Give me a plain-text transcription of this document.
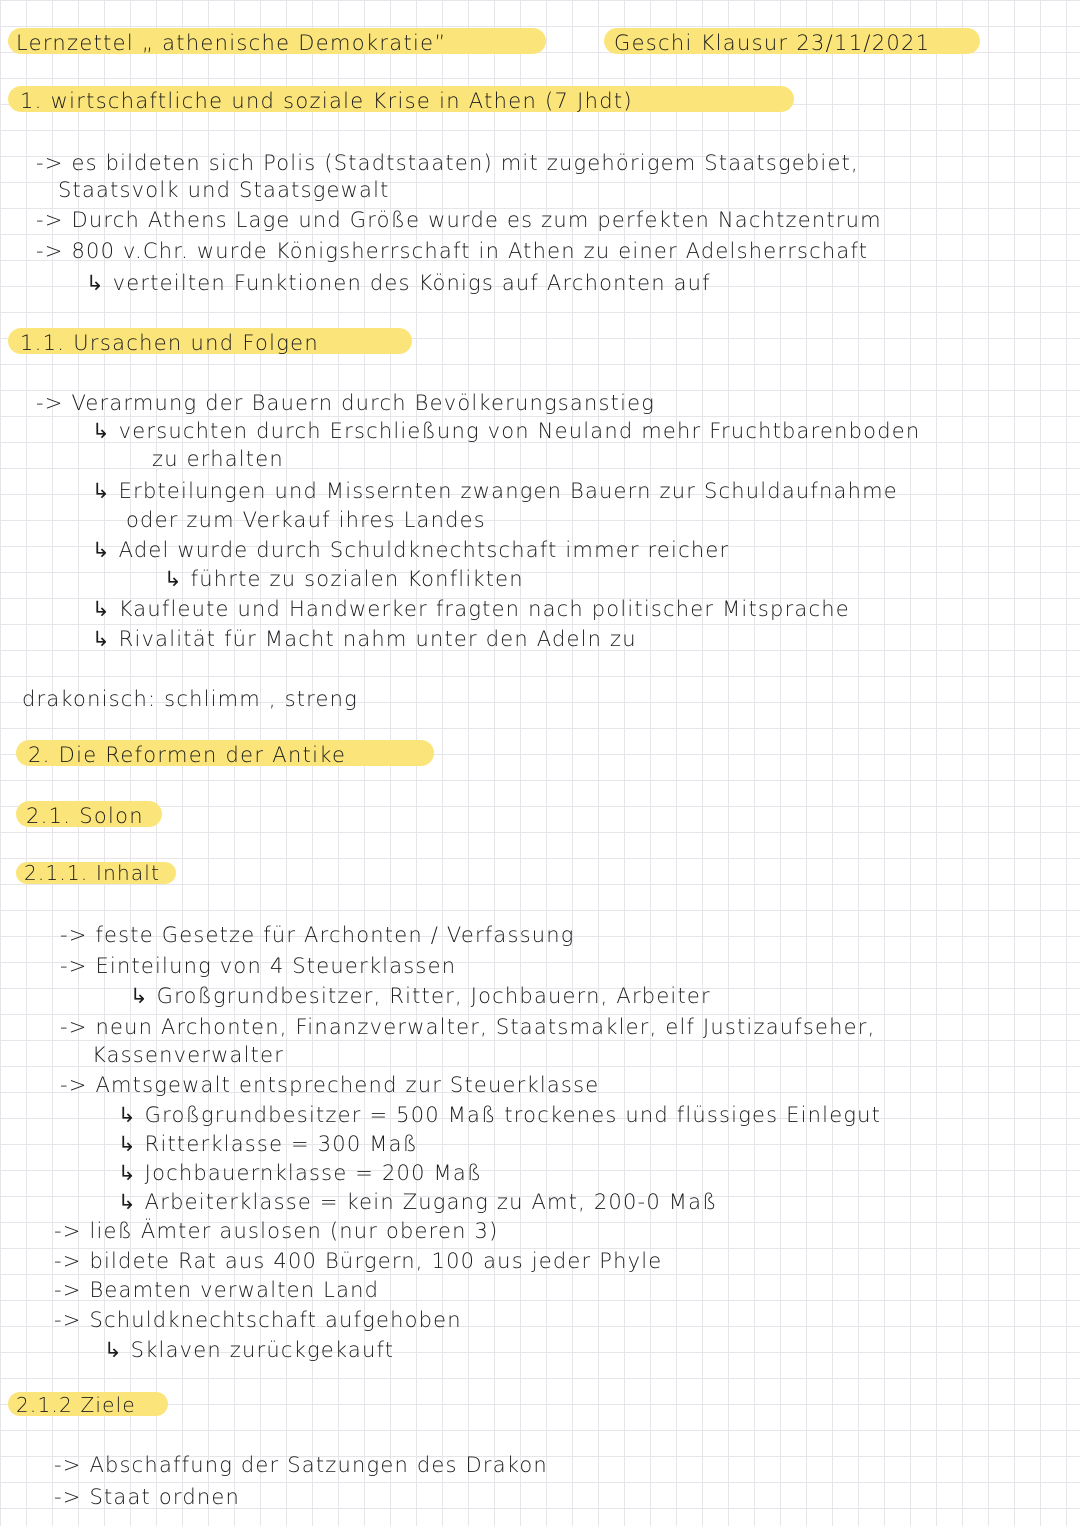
Lernzettel „ athenische Demokratie”	Geschi Klausur 23/11/2021
1. wirtschaftliche und soziale Krise in Athen (7 Jhdt)
-> es bildeten sich Polis (Stadtstaaten) mit zugehörigem Staatsgebiet,
Staatsvolk und Staatsgewalt
-> Durch Athens Lage und Größe wurde es zum perfekten Nachtzentrum
-> 800 v.Chr. wurde Königsherrschaft in Athen zu einer Adelsherrschaft
↳ verteilten Funktionen des Königs auf Archonten auf
1.1. Ursachen und Folgen
-> Verarmung der Bauern durch Bevölkerungsanstieg
↳ versuchten durch Erschließung von Neuland mehr Fruchtbarenboden
zu erhalten
↳ Erbteilungen und Missernten zwangen Bauern zur Schuldaufnahme
oder zum Verkauf ihres Landes
↳ Adel wurde durch Schuldknechtschaft immer reicher
↳ führte zu sozialen Konflikten
↳ Kaufleute und Handwerker fragten nach politischer Mitsprache
↳ Rivalität für Macht nahm unter den Adeln zu
drakonisch: schlimm , streng
2. Die Reformen der Antike
2.1. Solon
2.1.1. Inhalt
-> feste Gesetze für Archonten / Verfassung
-> Einteilung von 4 Steuerklassen
↳ Großgrundbesitzer, Ritter, Jochbauern, Arbeiter
-> neun Archonten, Finanzverwalter, Staatsmakler, elf Justizaufseher,
Kassenverwalter
-> Amtsgewalt entsprechend zur Steuerklasse
↳ Großgrundbesitzer = 500 Maß trockenes und flüssiges Einlegut
↳ Ritterklasse = 300 Maß
↳ Jochbauernklasse = 200 Maß
↳ Arbeiterklasse = kein Zugang zu Amt, 200-0 Maß
-> ließ Ämter auslosen (nur oberen 3)
-> bildete Rat aus 400 Bürgern, 100 aus jeder Phyle
-> Beamten verwalten Land
-> Schuldknechtschaft aufgehoben
↳ Sklaven zurückgekauft
2.1.2 Ziele
-> Abschaffung der Satzungen des Drakon
-> Staat ordnen
